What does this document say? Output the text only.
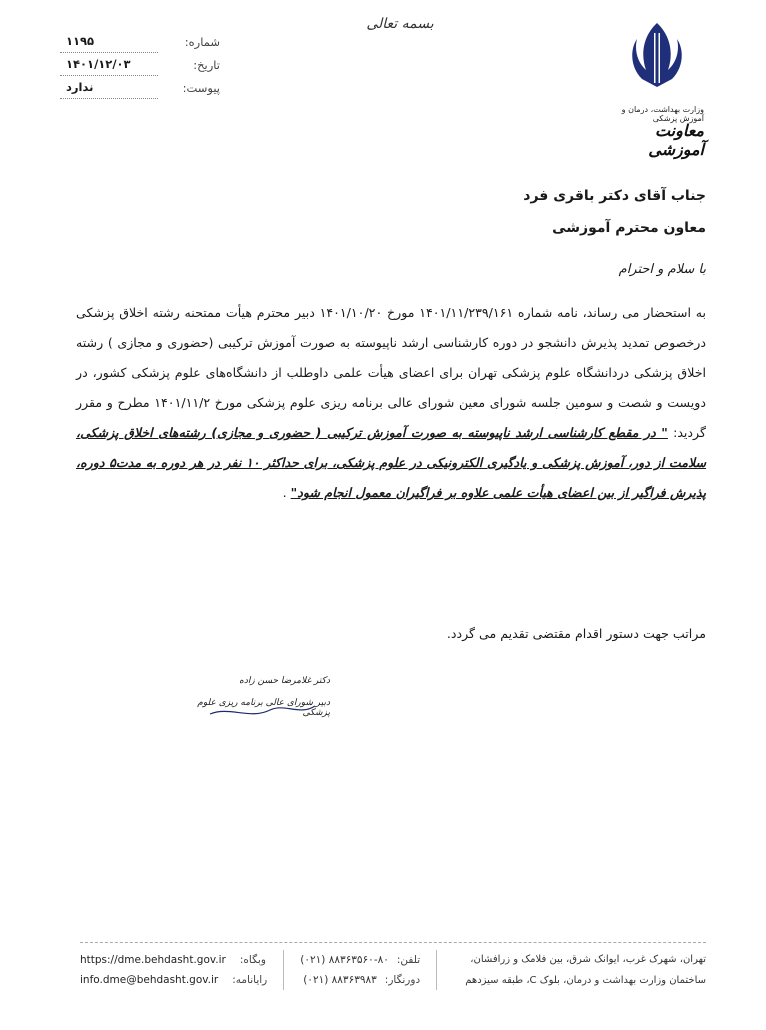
بسمه تعالی
شماره:
۱۱۹۵
تاریخ:
۱۴۰۱/۱۲/۰۳
پیوست:
ندارد
وزارت بهداشت، درمان و آموزش پزشکی
معاونت آموزشی
جناب آقای دکتر باقری فرد
معاون محترم آموزشی
با سلام و احترام
به استحضار می رساند، نامه شماره ۱۴۰۱/۱۱/۲۳۹/۱۶۱ مورخ ۱۴۰۱/۱۰/۲۰ دبیر محترم هیأت ممتحنه رشته اخلاق پزشکی درخصوص تمدید پذیرش دانشجو در دوره کارشناسی ارشد ناپیوسته به صورت آموزش ترکیبی (حضوری و مجازی ) رشته اخلاق پزشکی دردانشگاه علوم پزشکی تهران برای اعضای هیأت علمی داوطلب از دانشگاه‌های علوم پزشکی کشور، در دویست و شصت و سومین جلسه شورای معین شورای عالی برنامه ریزی علوم پزشکی مورخ ۱۴۰۱/۱۱/۲ مطرح و مقرر گردید: " در مقطع کارشناسی ارشد ناپیوسته به صورت آموزش ترکیبی ( حضوری و مجازی) رشته‌های اخلاق پزشکی، سلامت از دور، آموزش پزشکی و یادگیری الکترونیکی در علوم پزشکی، برای حداکثر ۱۰ نفر در هر دوره به مدت۵ دوره، پذیرش فراگیر از بین اعضای هیأت علمی علاوه بر فراگیران معمول انجام شود" .
مراتب جهت دستور اقدام مقتضی تقدیم می گردد.
دکتر غلامرضا حسن زاده
دبیر شورای عالی برنامه ریزی علوم پزشکی
https://dme.behdasht.gov.ir وبگاه:
info.dme@behdasht.gov.ir رایانامه:
تلفن:
(۰۲۱) ۸۸۳۶۳۵۶۰-۸۰
دورنگار:
(۰۲۱) ۸۸۳۶۳۹۸۳
تهران، شهرک غرب، ایوانک شرق، بین فلامک و زرافشان،
ساختمان وزارت بهداشت و درمان، بلوک C، طبقه سیزدهم
